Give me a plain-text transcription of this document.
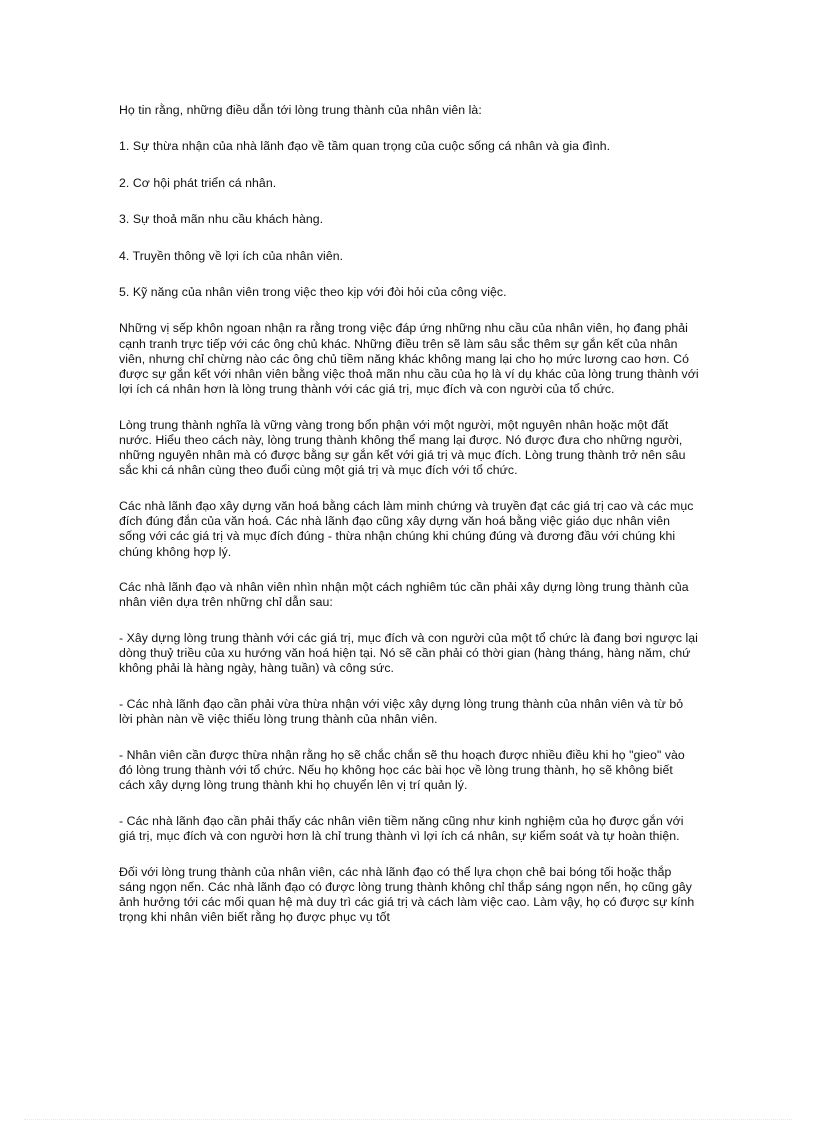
Họ tin rằng, những điều dẫn tới lòng trung thành của nhân viên là:

1. Sự thừa nhận của nhà lãnh đạo về tầm quan trọng của cuộc sống cá nhân và gia đình.

2. Cơ hội phát triển cá nhân.

3. Sự thoả mãn nhu cầu khách hàng.

4. Truyền thông về lợi ích của nhân viên.

5. Kỹ năng của nhân viên trong việc theo kịp với đòi hỏi của công việc.

Những vị sếp khôn ngoan nhận ra rằng trong việc đáp ứng những nhu cầu của nhân viên, họ đang phải cạnh tranh trực tiếp với các ông chủ khác. Những điều trên sẽ làm sâu sắc thêm sự gắn kết của nhân viên, nhưng chỉ chừng nào các ông chủ tiềm năng khác không mang lại cho họ mức lương cao hơn. Có được sự gắn kết với nhân viên bằng việc thoả mãn nhu cầu của họ là ví dụ khác của lòng trung thành với lợi ích cá nhân hơn là lòng trung thành với các giá trị, mục đích và con người của tổ chức.

Lòng trung thành nghĩa là vững vàng trong bổn phận với một người, một nguyên nhân hoặc một đất nước. Hiểu theo cách này, lòng trung thành không thể mang lại được. Nó được đưa cho những người, những nguyên nhân mà có được bằng sự gắn kết với giá trị và mục đích. Lòng trung thành trở nên sâu sắc khi cá nhân cùng theo đuổi cùng một giá trị và mục đích với tổ chức.

Các nhà lãnh đạo xây dựng văn hoá bằng cách làm minh chứng và truyền đạt các giá trị cao và các mục đích đúng đắn của văn hoá. Các nhà lãnh đạo cũng xây dựng văn hoá bằng việc giáo dục nhân viên sống với các giá trị và mục đích đúng - thừa nhận chúng khi chúng đúng và đương đầu với chúng khi chúng không hợp lý.

Các nhà lãnh đạo và nhân viên nhìn nhận một cách nghiêm túc cần phải xây dựng lòng trung thành của nhân viên dựa trên những chỉ dẫn sau:

- Xây dựng lòng trung thành với các giá trị, mục đích và con người của một tổ chức là đang bơi ngược lại dòng thuỷ triều của xu hướng văn hoá hiện tại. Nó sẽ cần phải có thời gian (hàng tháng, hàng năm, chứ không phải là hàng ngày, hàng tuần) và công sức.

- Các nhà lãnh đạo cần phải vừa thừa nhận với việc xây dựng lòng trung thành của nhân viên và từ bỏ lời phàn nàn về việc thiếu lòng trung thành của nhân viên.

- Nhân viên cần được thừa nhận rằng họ sẽ chắc chắn sẽ thu hoạch được nhiều điều khi họ "gieo" vào đó lòng trung thành với tổ chức. Nếu họ không học các bài học về lòng trung thành, họ sẽ không biết cách xây dựng lòng trung thành khi họ chuyển lên vị trí quản lý.

- Các nhà lãnh đạo cần phải thấy các nhân viên tiềm năng cũng như kinh nghiệm của họ được gắn với giá trị, mục đích và con người hơn là chỉ trung thành vì lợi ích cá nhân, sự kiểm soát và tự hoàn thiện.

Đối với lòng trung thành của nhân viên, các nhà lãnh đạo có thể lựa chọn chê bai bóng tối hoặc thắp sáng ngọn nến. Các nhà lãnh đạo có được lòng trung thành không chỉ thắp sáng ngọn nến, họ cũng gây ảnh hưởng tới các mối quan hệ mà duy trì các giá trị và cách làm việc cao. Làm vậy, họ có được sự kính trọng khi nhân viên biết rằng họ được phục vụ tốt
